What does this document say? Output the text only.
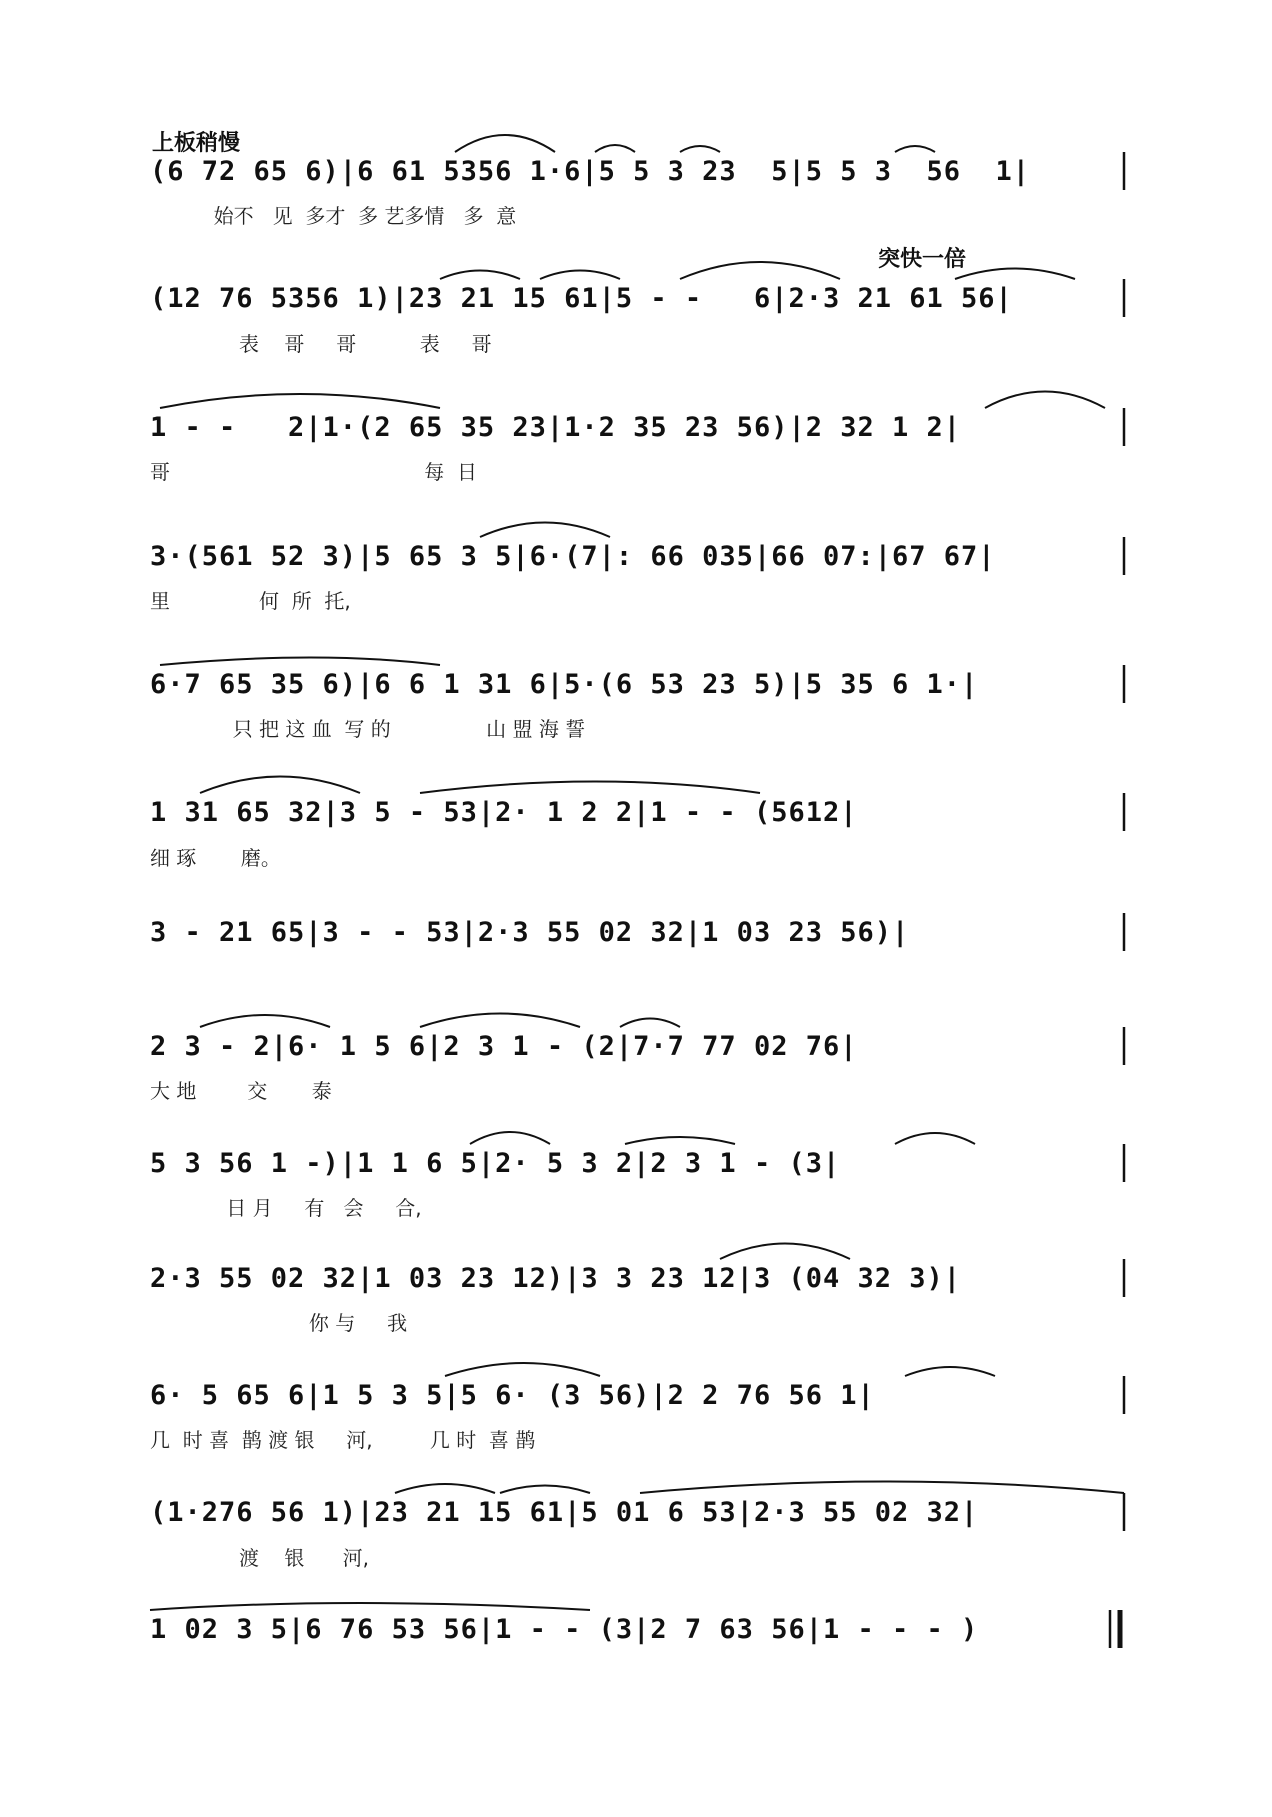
上板稍慢
突快一倍
(6 72 65 6)|6 61 5356 1·6|5 5 3 23  5|5 5 3  56  1|
始不   见  多才  多 艺多情   多  意
(12 76 5356 1)|23 21 15 61|5 - -   6|2·3 21 61 56|
表    哥     哥          表     哥
1 - -   2|1·(2 65 35 23|1·2 35 23 56)|2 32 1 2|
哥                                        每  日
3·(561 52 3)|5 65 3 5|6·(7|: 66 035|66 07:|67 67|
里              何  所  托,
6·7 65 35 6)|6 6 1 31 6|5·(6 53 23 5)|5 35 6 1·|
只 把 这 血  写 的               山 盟 海 誓
1 31 65 32|3 5 - 53|2· 1 2 2|1 - - (5612|
细 琢       磨。
3 - 21 65|3 - - 53|2·3 55 02 32|1 03 23 56)|
2 3 - 2|6· 1 5 6|2 3 1 - (2|7·7 77 02 76|
大 地        交       泰
5 3 56 1 -)|1 1 6 5|2· 5 3 2|2 3 1 - (3|
日 月     有   会     合,
2·3 55 02 32|1 03 23 12)|3 3 23 12|3 (04 32 3)|
你 与     我
6· 5 65 6|1 5 3 5|5 6· (3 56)|2 2 76 56 1|
几  时 喜  鹊 渡 银     河,         几 时  喜 鹊
(1·276 56 1)|23 21 15 61|5 01 6 53|2·3 55 02 32|
渡    银      河,
1 02 3 5|6 76 53 56|1 - - (3|2 7 63 56|1 - - - )
